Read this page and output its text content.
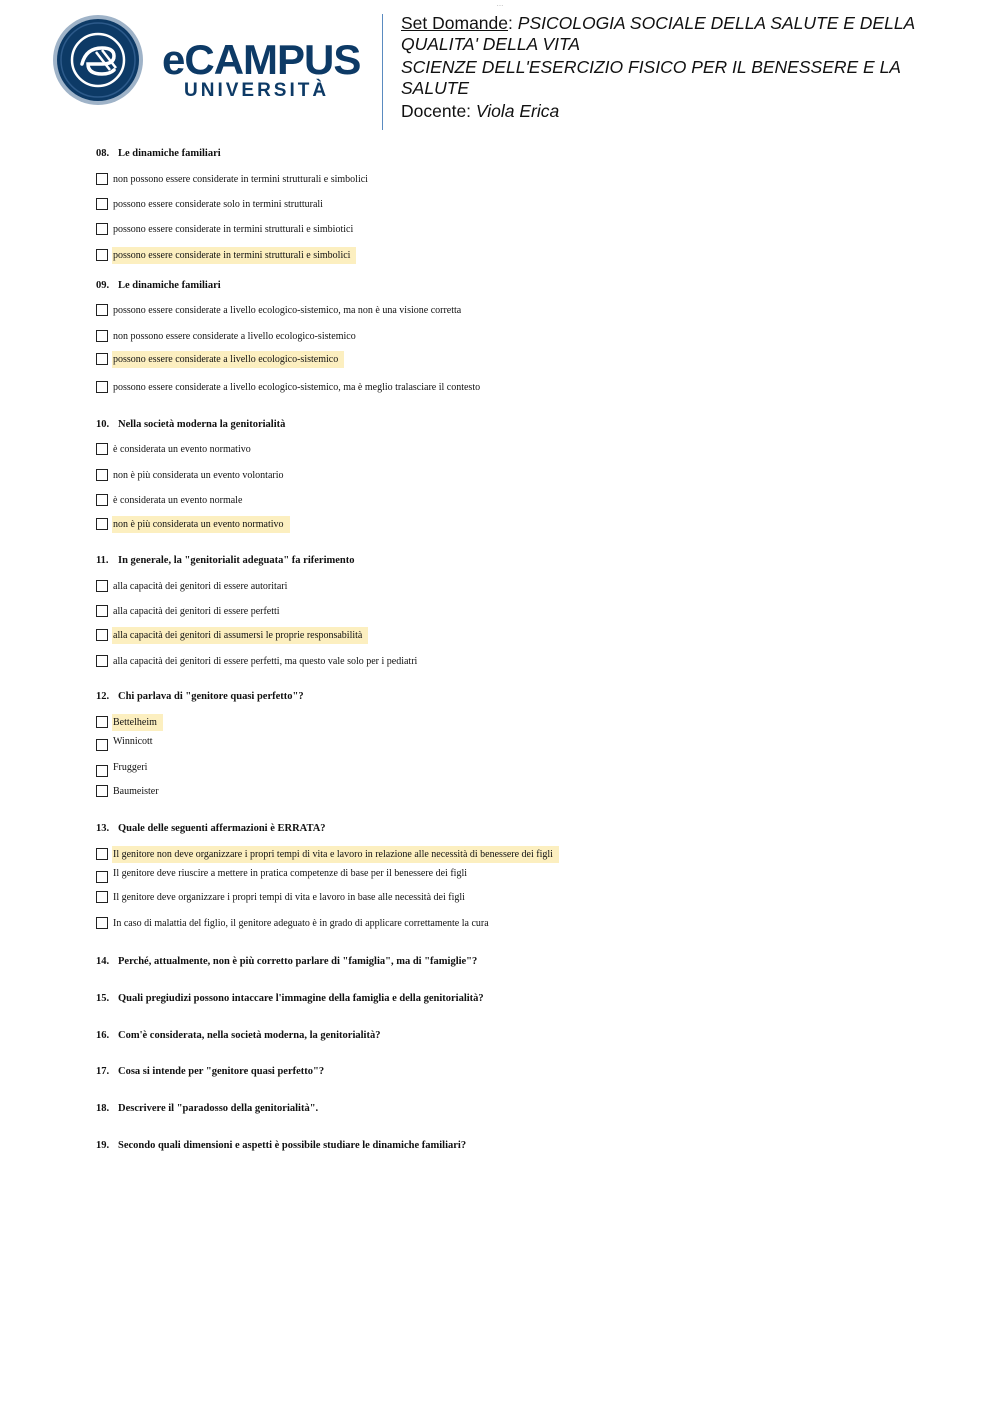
...
eCAMPUS
UNIVERSITÀ
Set Domande: PSICOLOGIA SOCIALE DELLA SALUTE E DELLA
QUALITA' DELLA VITA
SCIENZE DELL'ESERCIZIO FISICO PER IL BENESSERE E LA
SALUTE
Docente: Viola Erica
08. Le dinamiche familiari
non possono essere considerate in termini strutturali e simbolici
possono essere considerate solo in termini strutturali
possono essere considerate in termini strutturali e simbiotici
possono essere considerate in termini strutturali e simbolici
09. Le dinamiche familiari
possono essere considerate a livello ecologico-sistemico, ma non è una visione corretta
non possono essere considerate a livello ecologico-sistemico
possono essere considerate a livello ecologico-sistemico
possono essere considerate a livello ecologico-sistemico, ma è meglio tralasciare il contesto
10. Nella società moderna la genitorialità
è considerata un evento normativo
non è più considerata un evento volontario
è considerata un evento normale
non è più considerata un evento normativo
11. In generale, la "genitorialit adeguata" fa riferimento
alla capacità dei genitori di essere autoritari
alla capacità dei genitori di essere perfetti
alla capacità dei genitori di assumersi le proprie responsabilità
alla capacità dei genitori di essere perfetti, ma questo vale solo per i pediatri
12. Chi parlava di "genitore quasi perfetto"?
Bettelheim
Winnicott
Fruggeri
Baumeister
13. Quale delle seguenti affermazioni è ERRATA?
Il genitore non deve organizzare i propri tempi di vita e lavoro in relazione alle necessità di benessere dei figli
Il genitore deve riuscire a mettere in pratica competenze di base per il benessere dei figli
Il genitore deve organizzare i propri tempi di vita e lavoro in base alle necessità dei figli
In caso di malattia del figlio, il genitore adeguato è in grado di applicare correttamente la cura
14. Perché, attualmente, non è più corretto parlare di "famiglia", ma di "famiglie"?
15. Quali pregiudizi possono intaccare l'immagine della famiglia e della genitorialità?
16. Com'è considerata, nella società moderna, la genitorialità?
17. Cosa si intende per "genitore quasi perfetto"?
18. Descrivere il "paradosso della genitorialità".
19. Secondo quali dimensioni e aspetti è possibile studiare le dinamiche familiari?
